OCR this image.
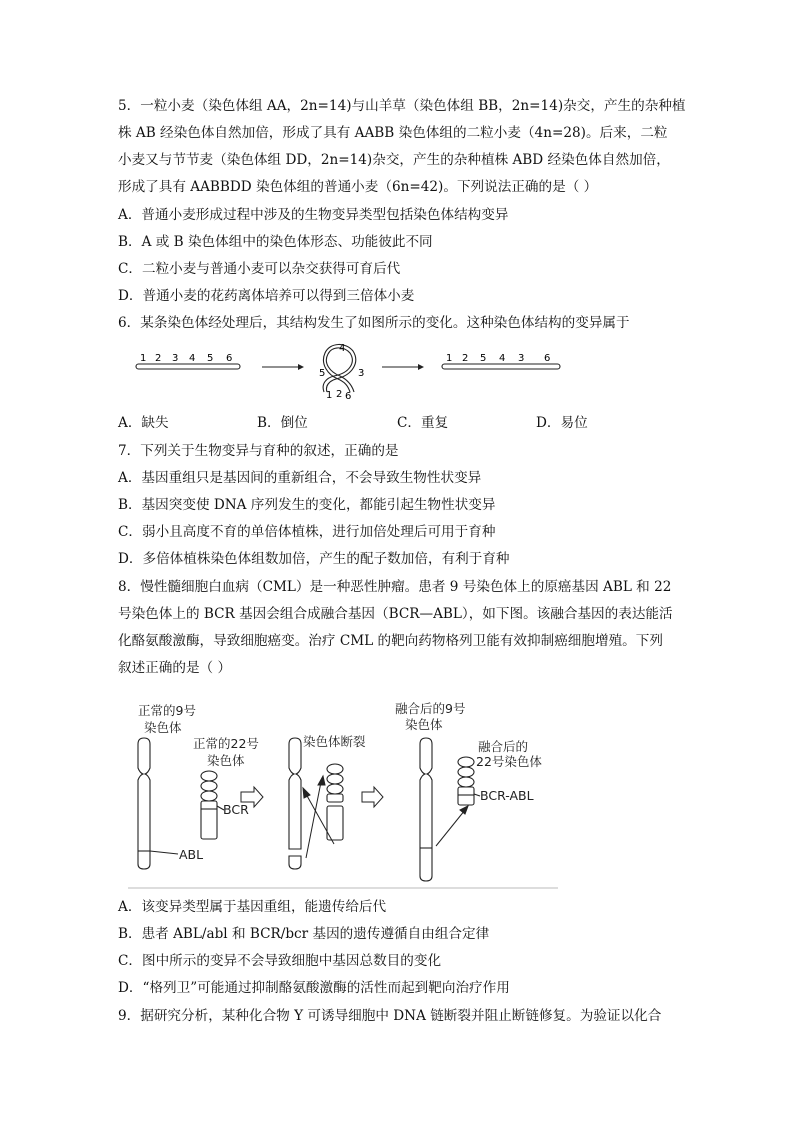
5．一粒小麦（染色体组 AA，2n=14)与山羊草（染色体组 BB，2n=14)杂交，产生的杂种植
株 AB 经染色体自然加倍，形成了具有 AABB 染色体组的二粒小麦（4n=28)。后来，二粒
小麦又与节节麦（染色体组 DD，2n=14)杂交，产生的杂种植株 ABD 经染色体自然加倍，
形成了具有 AABBDD 染色体组的普通小麦（6n=42)。下列说法正确的是（ ）
A．普通小麦形成过程中涉及的生物变异类型包括染色体结构变异
B．A 或 B 染色体组中的染色体形态、功能彼此不同
C．二粒小麦与普通小麦可以杂交获得可育后代
D．普通小麦的花药离体培养可以得到三倍体小麦
6．某条染色体经处理后，其结构发生了如图所示的变化。这种染色体结构的变异属于
1 2 3 4 5 6
4
5	3
1 2 6
1 2 5 4 3 6
A．缺失	B．倒位	C．重复	D．易位
7．下列关于生物变异与育种的叙述，正确的是
A．基因重组只是基因间的重新组合，不会导致生物性状变异
B．基因突变使 DNA 序列发生的变化，都能引起生物性状变异
C．弱小且高度不育的单倍体植株，进行加倍处理后可用于育种
D．多倍体植株染色体组数加倍，产生的配子数加倍，有利于育种
8．慢性髓细胞白血病（CML）是一种恶性肿瘤。患者 9 号染色体上的原癌基因 ABL 和 22
号染色体上的 BCR 基因会组合成融合基因（BCR—ABL），如下图。该融合基因的表达能活
化酪氨酸激酶，导致细胞癌变。治疗 CML 的靶向药物格列卫能有效抑制癌细胞增殖。下列
叙述正确的是（ ）
正常的9号
染色体
正常的22号
染色体
BCR
ABL
染色体断裂
融合后的9号
染色体
融合后的
22号染色体
BCR-ABL
A．该变异类型属于基因重组，能遗传给后代
B．患者 ABL/abl 和 BCR/bcr 基因的遗传遵循自由组合定律
C．图中所示的变异不会导致细胞中基因总数目的变化
D．“格列卫”可能通过抑制酪氨酸激酶的活性而起到靶向治疗作用
9．据研究分析，某种化合物 Y 可诱导细胞中 DNA 链断裂并阻止断链修复。为验证以化合
